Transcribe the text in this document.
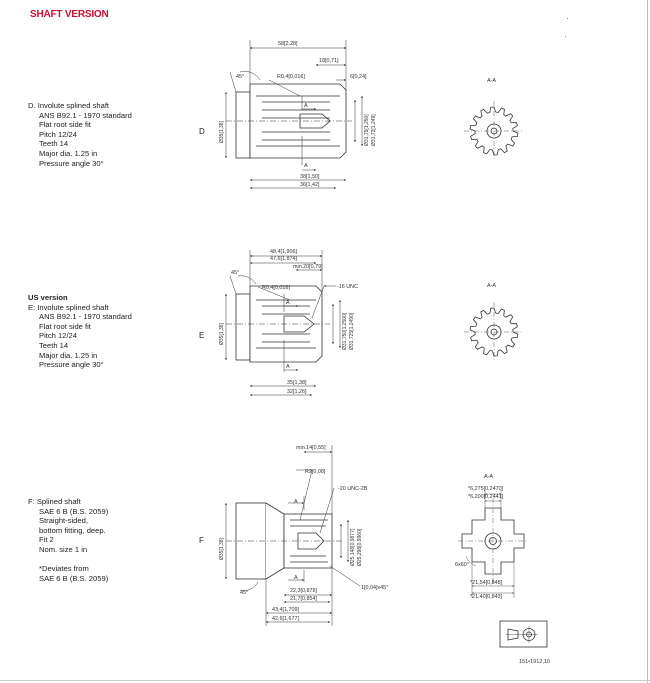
SHAFT VERSION
D. Involute splined shaft
ANS B92.1 - 1970 standard
Flat root side fit
Pitch 12/24
Teeth 14
Major dia. 1.25 in
Pressure angle 30°
D
US version
E: Involute splined shaft
ANS B92.1 - 1970 standard
Flat root side fit
Pitch 12/24
Teeth 14
Major dia. 1.25 in
Pressure angle 30°
E
F: Splined shaft
SAE 6 B (B.S. 2059)
Straight-sided,
bottom fitting, deep.
Fit 2
Nom. size 1 in
*Deviates from
SAE 6 B (B.S. 2059)
F
58[2,28]
18[0,71]
R0,4[0,016]	6[0,24]
45°
Ø35[1,38]
A
A
38[1,50]
36[1,42]
Ø31,75[1,250] Ø31,72[1,249]
A-A
48,4[1,906]
47,6[1,874]
min.20[0,79]
R0,4[0,016]	-16 UNC
45°
Ø35[1,38]
A
A
35[1,38]
32[1,26]
Ø31,750[1,2500] Ø31,725[1,2490]
A-A
min.14[0,55]
R2[0,08]
-20 UNC-2B
45°
Ø35[1,38]
A
A
1[0,04]x45°
22,3[0,878]
21,7[0,854]
43,4[1,709]
42,6[1,677]
Ø25,148[0,9877] Ø25,298[0,9960]
A-A
*6,275[0,2470]
*6,200[0,2441]
*21,54[0,848]
*21,40[0,843]
6x60°
151•1912,10
